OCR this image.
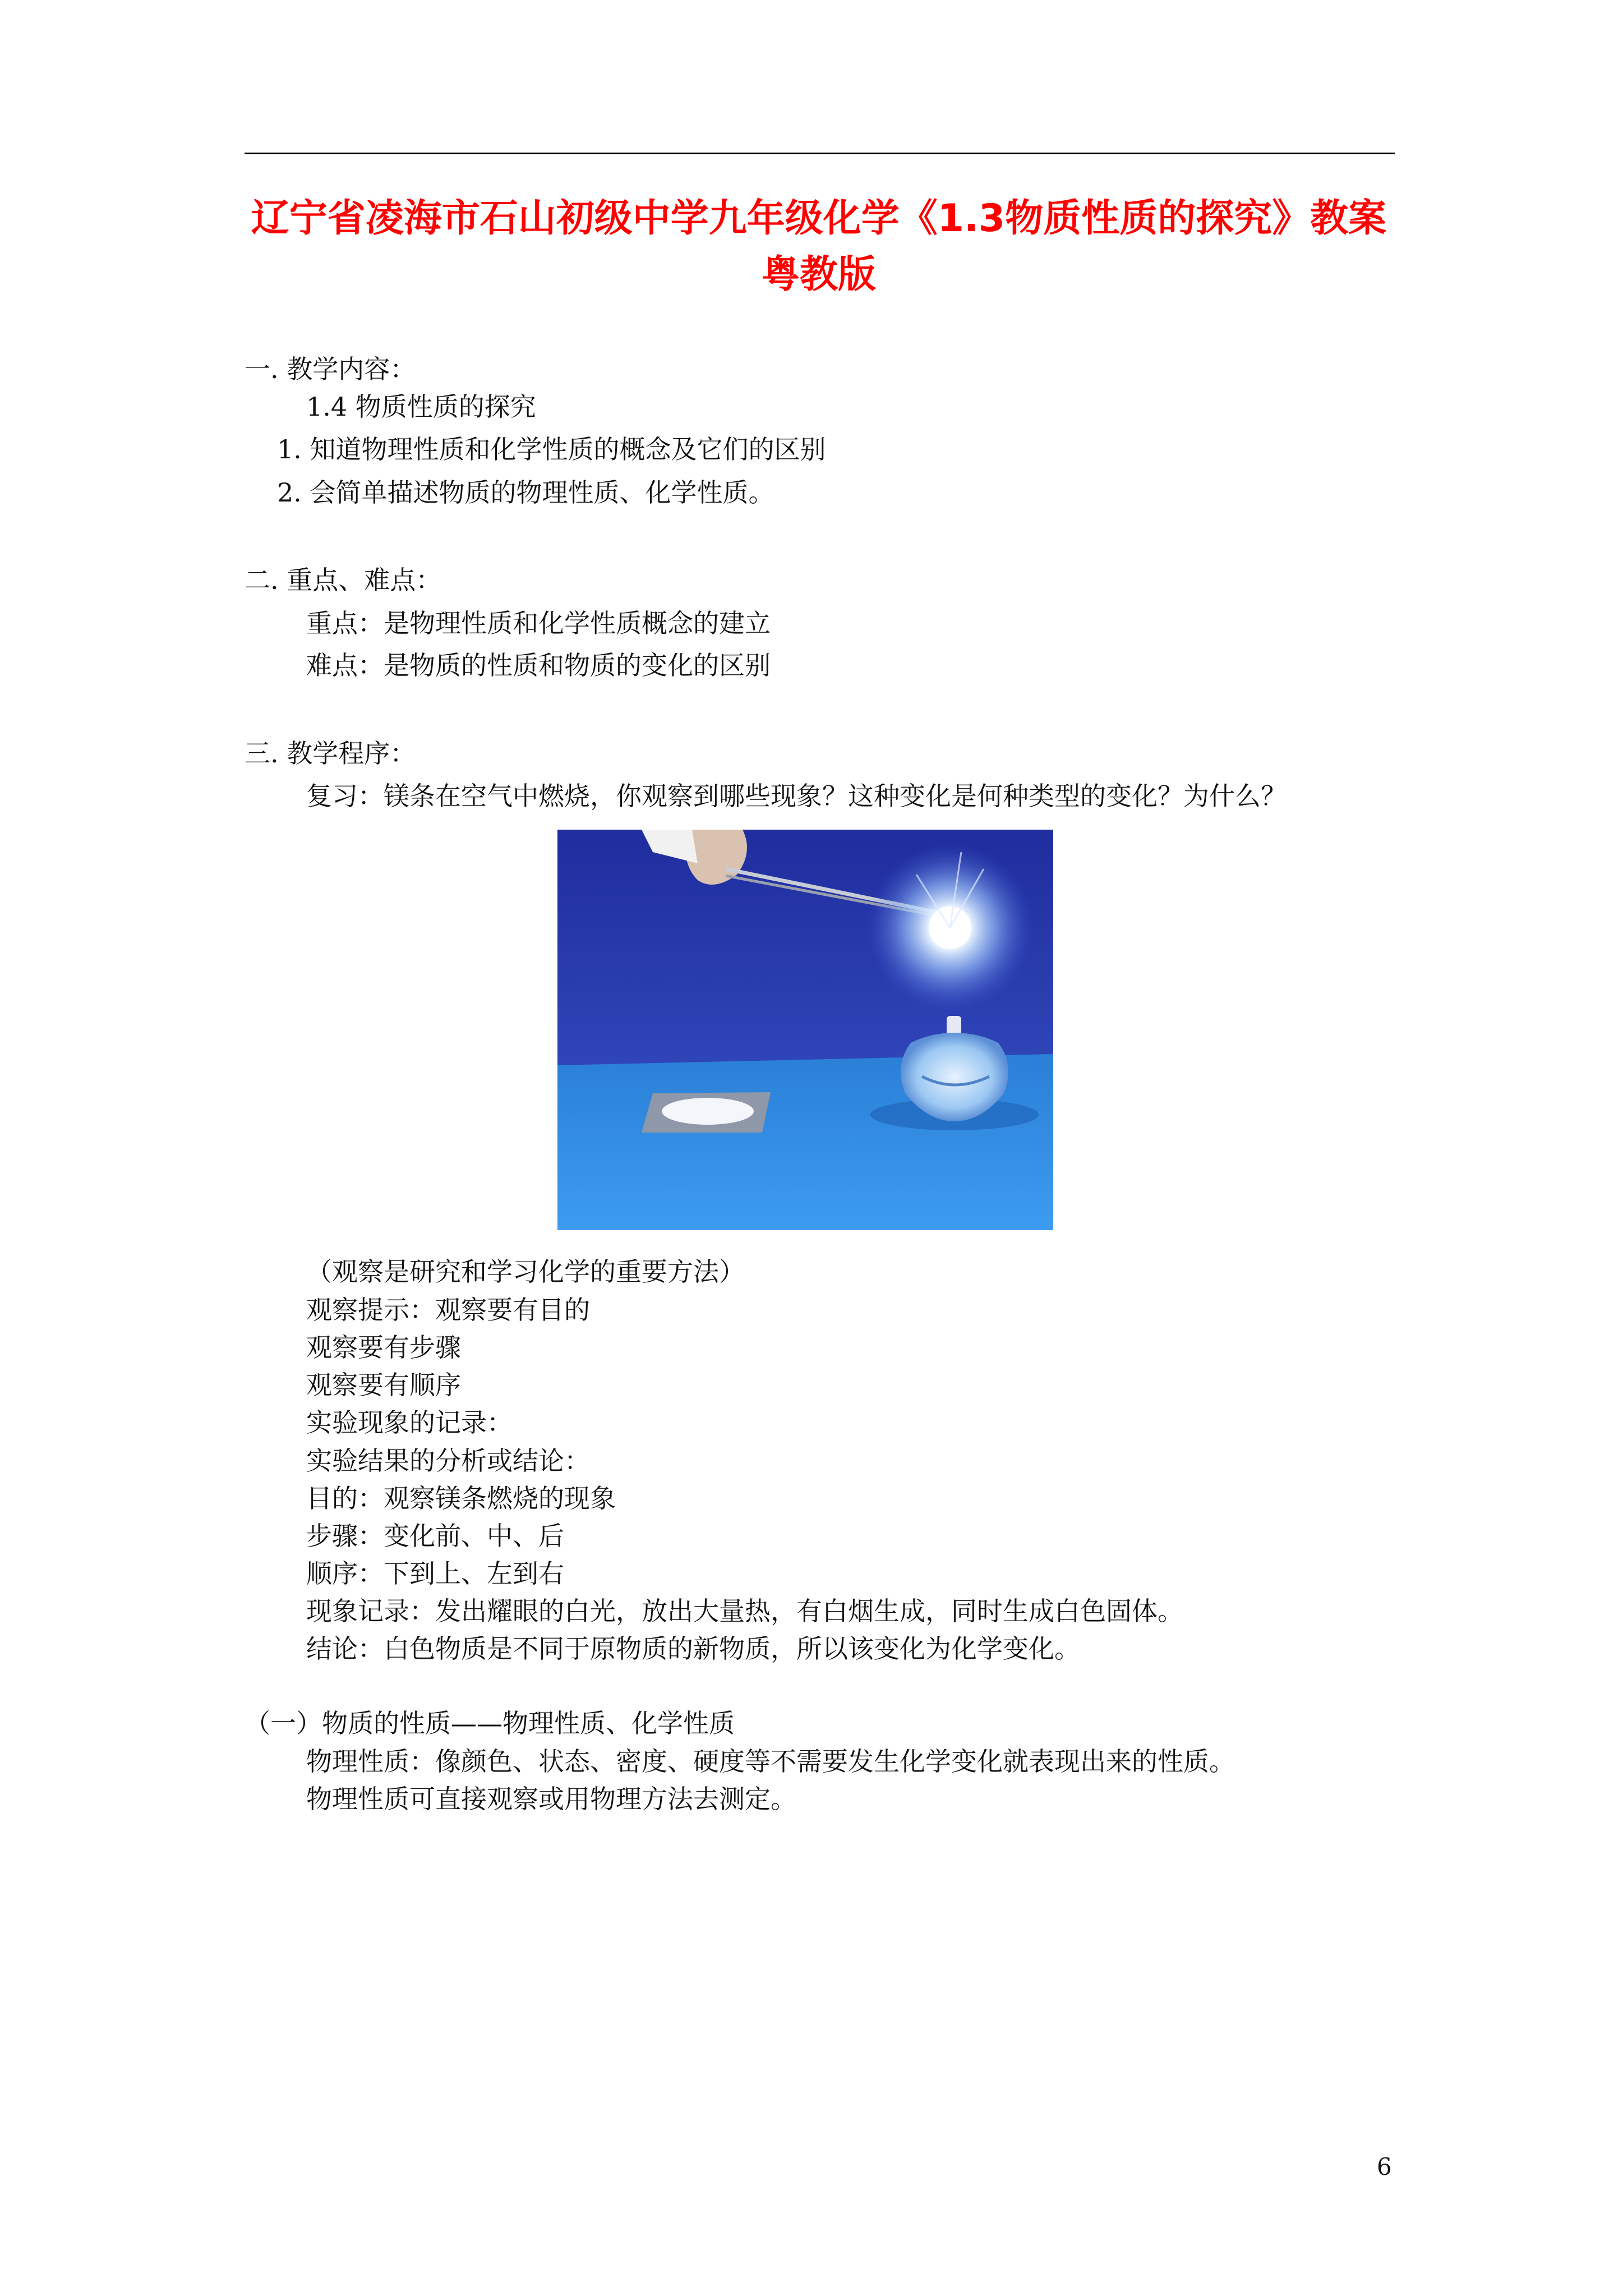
辽宁省凌海市石山初级中学九年级化学《1.3物质性质的探究》教案
粤教版
一. 教学内容：
1.4 物质性质的探究
1. 知道物理性质和化学性质的概念及它们的区别
2. 会简单描述物质的物理性质、化学性质。
二. 重点、难点：
重点：是物理性质和化学性质概念的建立
难点：是物质的性质和物质的变化的区别
三. 教学程序：
复习：镁条在空气中燃烧，你观察到哪些现象？这种变化是何种类型的变化？为什么？
（观察是研究和学习化学的重要方法）
观察提示：观察要有目的
观察要有步骤
观察要有顺序
实验现象的记录：
实验结果的分析或结论：
目的：观察镁条燃烧的现象
步骤：变化前、中、后
顺序：下到上、左到右
现象记录：发出耀眼的白光，放出大量热，有白烟生成，同时生成白色固体。
结论：白色物质是不同于原物质的新物质，所以该变化为化学变化。
（一）物质的性质——物理性质、化学性质
物理性质：像颜色、状态、密度、硬度等不需要发生化学变化就表现出来的性质。
物理性质可直接观察或用物理方法去测定。
6
